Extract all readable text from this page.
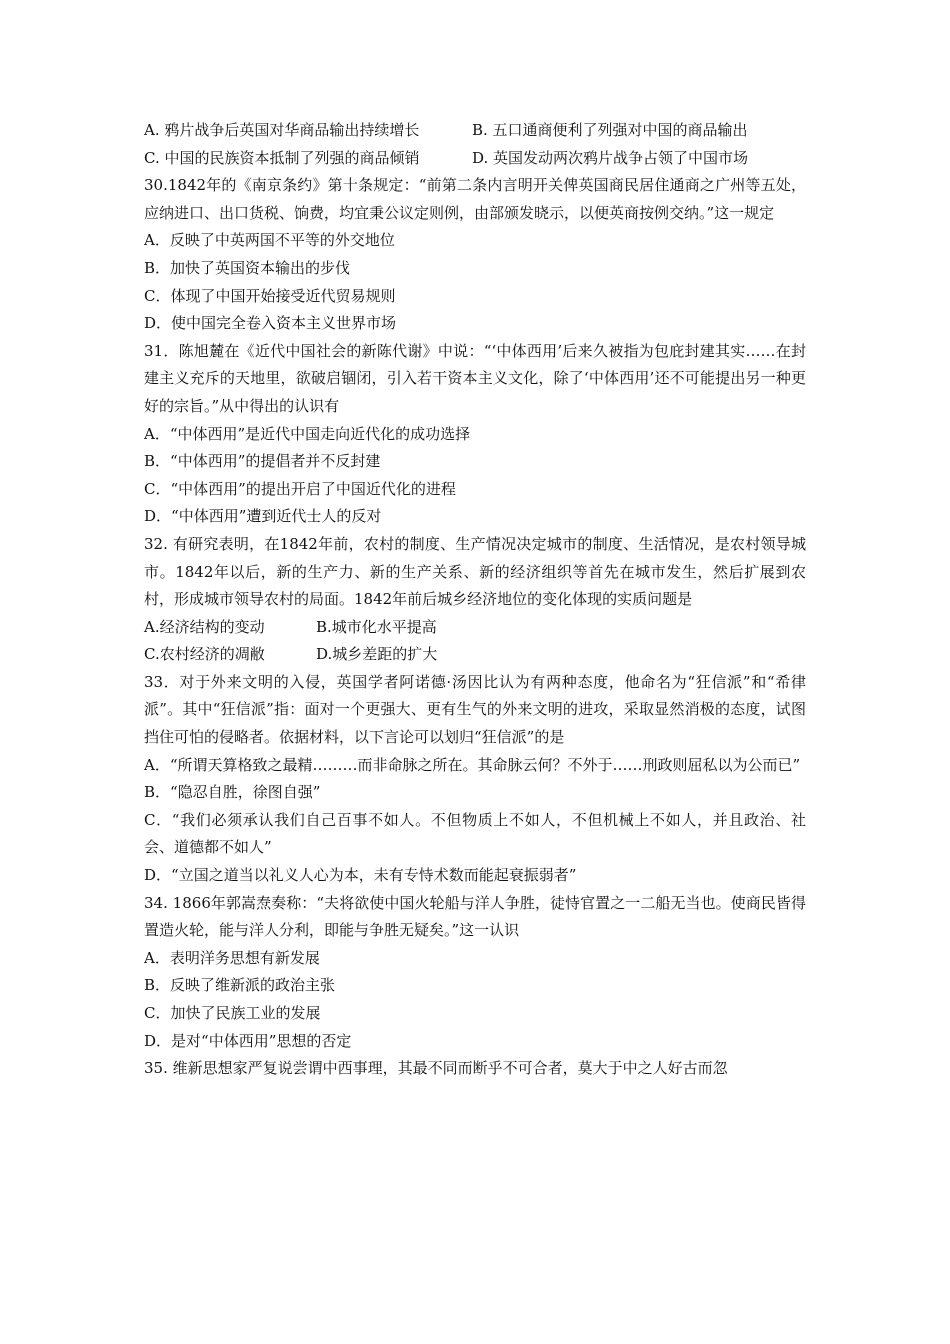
A. 鸦片战争后英国对华商品输出持续增长	B. 五口通商便利了列强对中国的商品输出
C. 中国的民族资本抵制了列强的商品倾销	D. 英国发动两次鸦片战争占领了中国市场
30.1842年的《南京条约》第十条规定：“前第二条内言明开关俾英国商民居住通商之广州等五处，应纳进口、出口货税、饷费，均宜秉公议定则例，由部颁发晓示，以便英商按例交纳。”这一规定
A．反映了中英两国不平等的外交地位
B．加快了英国资本输出的步伐
C．体现了中国开始接受近代贸易规则
D．使中国完全卷入资本主义世界市场
31．陈旭麓在《近代中国社会的新陈代谢》中说：“‘中体西用’后来久被指为包庇封建其实……在封建主义充斥的天地里，欲破启锢闭，引入若干资本主义文化，除了‘中体西用’还不可能提出另一种更好的宗旨。”从中得出的认识有
A．“中体西用”是近代中国走向近代化的成功选择
B．“中体西用”的提倡者并不反封建
C．“中体西用”的提出开启了中国近代化的进程
D．“中体西用”遭到近代士人的反对
32. 有研究表明，在1842年前，农村的制度、生产情况决定城市的制度、生活情况，是农村领导城市。1842年以后，新的生产力、新的生产关系、新的经济组织等首先在城市发生，然后扩展到农村，形成城市领导农村的局面。1842年前后城乡经济地位的变化体现的实质问题是
A.经济结构的变动	B.城市化水平提高
C.农村经济的凋敝	D.城乡差距的扩大
33．对于外来文明的入侵，英国学者阿诺德·汤因比认为有两种态度，他命名为“狂信派”和“希律派”。其中“狂信派”指：面对一个更强大、更有生气的外来文明的进攻，采取显然消极的态度，试图挡住可怕的侵略者。依据材料，以下言论可以划归“狂信派”的是
A．“所谓天算格致之最精………而非命脉之所在。其命脉云何？不外于……刑政则屈私以为公而已”
B．“隐忍自胜，徐图自强”
C．“我们必须承认我们自己百事不如人。不但物质上不如人，不但机械上不如人，并且政治、社会、道德都不如人”
D．“立国之道当以礼义人心为本，未有专恃术数而能起衰振弱者”
34. 1866年郭嵩焘奏称：“夫将欲使中国火轮船与洋人争胜，徒恃官置之一二船无当也。使商民皆得置造火轮，能与洋人分利，即能与争胜无疑矣。”这一认识
A．表明洋务思想有新发展
B．反映了维新派的政治主张
C．加快了民族工业的发展
D．是对“中体西用”思想的否定
35. 维新思想家严复说尝谓中西事理，其最不同而断乎不可合者，莫大于中之人好古而忽
